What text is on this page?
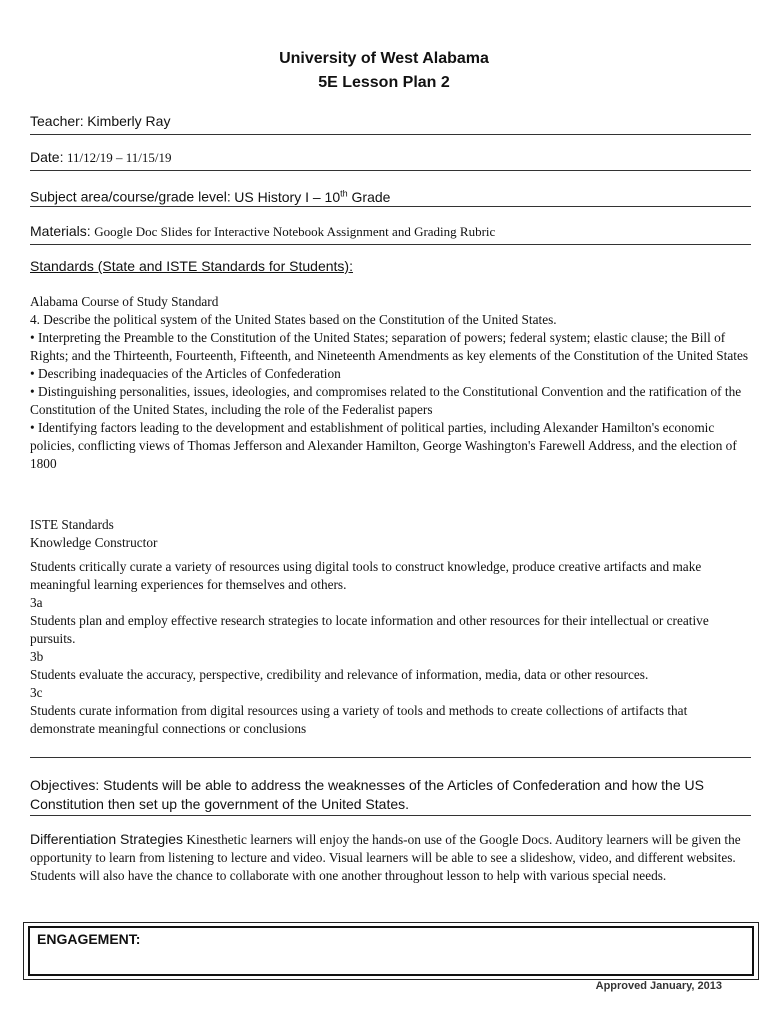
University of West Alabama
5E Lesson Plan 2
Teacher: Kimberly Ray
Date: 11/12/19 – 11/15/19
Subject area/course/grade level: US History I – 10th Grade
Materials: Google Doc Slides for Interactive Notebook Assignment and Grading Rubric
Standards (State and ISTE Standards for Students):

Alabama Course of Study Standard

4. Describe the political system of the United States based on the Constitution of the United States.

• Interpreting the Preamble to the Constitution of the United States; separation of powers; federal system; elastic clause; the Bill of Rights; and the Thirteenth, Fourteenth, Fifteenth, and Nineteenth Amendments as key elements of the Constitution of the United States

• Describing inadequacies of the Articles of Confederation

• Distinguishing personalities, issues, ideologies, and compromises related to the Constitutional Convention and the ratification of the Constitution of the United States, including the role of the Federalist papers

• Identifying factors leading to the development and establishment of political parties, including Alexander Hamilton's economic policies, conflicting views of Thomas Jefferson and Alexander Hamilton, George Washington's Farewell Address, and the election of 1800

ISTE Standards

Knowledge Constructor

Students critically curate a variety of resources using digital tools to construct knowledge, produce creative artifacts and make meaningful learning experiences for themselves and others.

3a

Students plan and employ effective research strategies to locate information and other resources for their intellectual or creative pursuits.

3b

Students evaluate the accuracy, perspective, credibility and relevance of information, media, data or other resources.

3c

Students curate information from digital resources using a variety of tools and methods to create collections of artifacts that demonstrate meaningful connections or conclusions

Objectives: Students will be able to address the weaknesses of the Articles of Confederation and how the US Constitution then set up the government of the United States.
Differentiation Strategies Kinesthetic learners will enjoy the hands-on use of the Google Docs. Auditory learners will be given the opportunity to learn from listening to lecture and video. Visual learners will be able to see a slideshow, video, and different websites. Students will also have the chance to collaborate with one another throughout lesson to help with various special needs.
ENGAGEMENT:
Approved January, 2013
